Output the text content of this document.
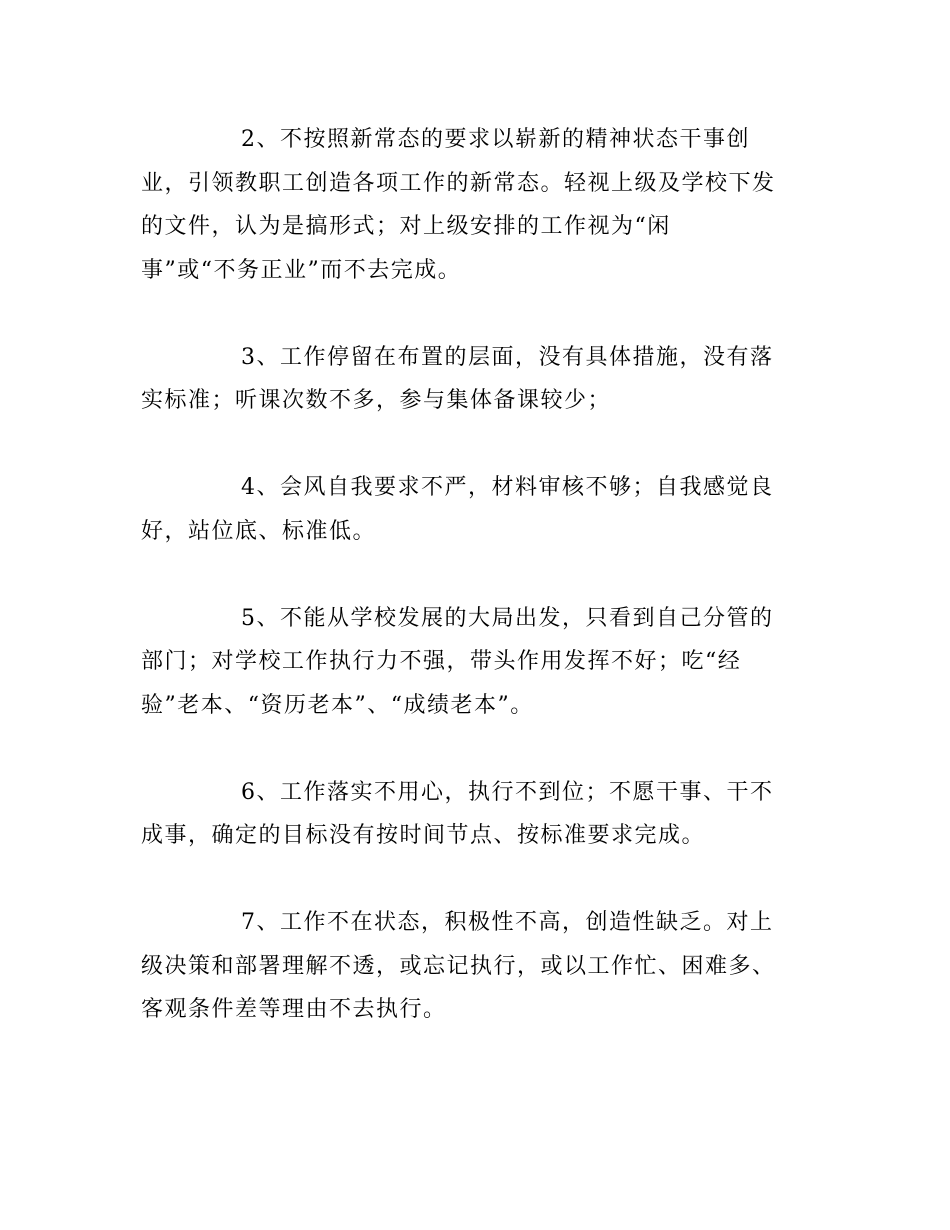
2、不按照新常态的要求以崭新的精神状态干事创
业，引领教职工创造各项工作的新常态。轻视上级及学校下发
的文件，认为是搞形式；对上级安排的工作视为“闲
事”或“不务正业”而不去完成。

3、工作停留在布置的层面，没有具体措施，没有落
实标准；听课次数不多，参与集体备课较少；

4、会风自我要求不严，材料审核不够；自我感觉良
好，站位底、标准低。

5、不能从学校发展的大局出发，只看到自己分管的
部门；对学校工作执行力不强，带头作用发挥不好；吃“经
验”老本、“资历老本”、“成绩老本”。

6、工作落实不用心，执行不到位；不愿干事、干不
成事，确定的目标没有按时间节点、按标准要求完成。

7、工作不在状态，积极性不高，创造性缺乏。对上
级决策和部署理解不透，或忘记执行，或以工作忙、困难多、
客观条件差等理由不去执行。
